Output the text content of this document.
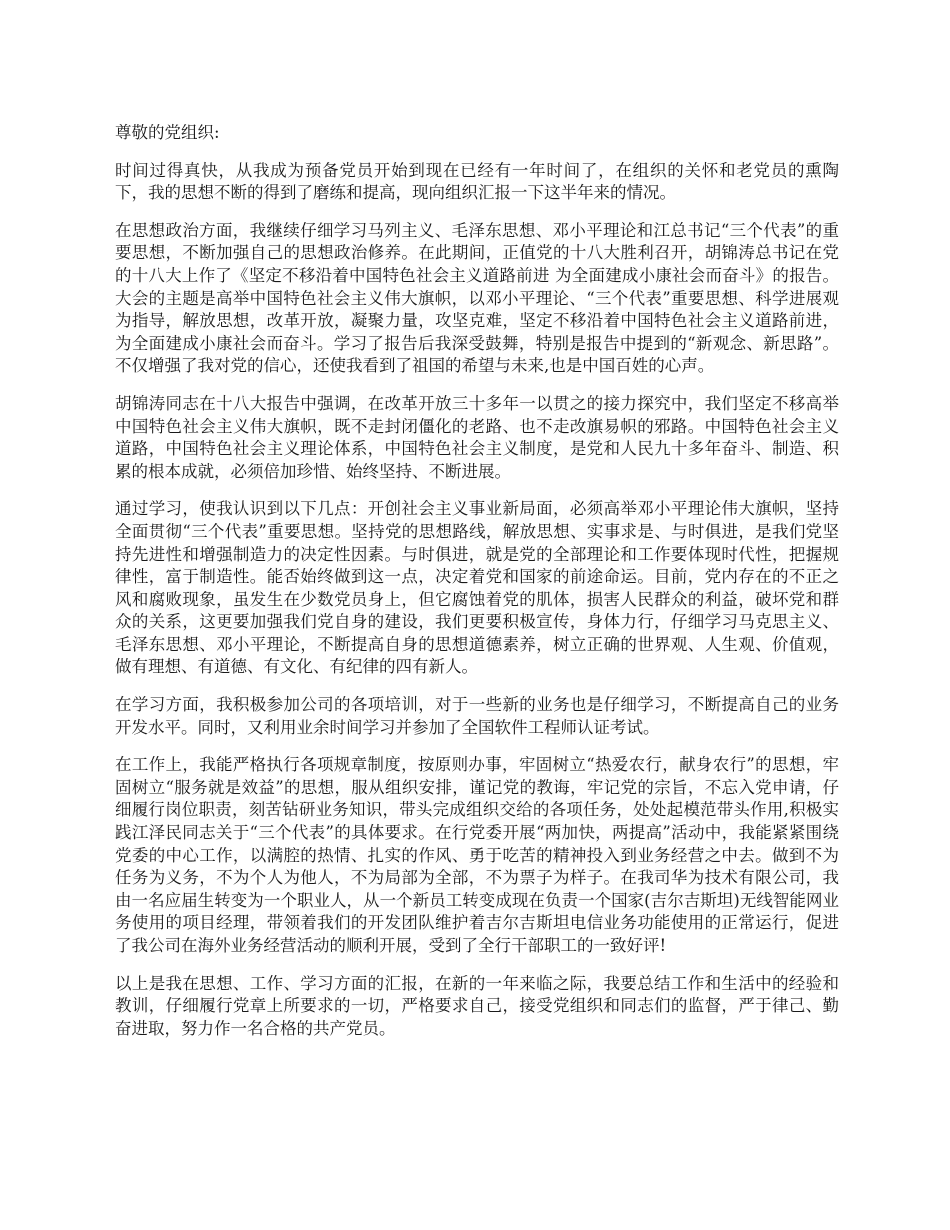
尊敬的党组织:

时间过得真快，从我成为预备党员开始到现在已经有一年时间了，在组织的关怀和老党员的熏陶下，我的思想不断的得到了磨练和提高，现向组织汇报一下这半年来的情况。

在思想政治方面，我继续仔细学习马列主义、毛泽东思想、邓小平理论和江总书记“三个代表”的重要思想，不断加强自己的思想政治修养。在此期间，正值党的十八大胜利召开，胡锦涛总书记在党的十八大上作了《坚定不移沿着中国特色社会主义道路前进 为全面建成小康社会而奋斗》的报告。大会的主题是高举中国特色社会主义伟大旗帜，以邓小平理论、“三个代表”重要思想、科学进展观为指导，解放思想，改革开放，凝聚力量，攻坚克难，坚定不移沿着中国特色社会主义道路前进，为全面建成小康社会而奋斗。学习了报告后我深受鼓舞，特别是报告中提到的“新观念、新思路”。不仅增强了我对党的信心，还使我看到了祖国的希望与未来,也是中国百姓的心声。

胡锦涛同志在十八大报告中强调，在改革开放三十多年一以贯之的接力探究中，我们坚定不移高举中国特色社会主义伟大旗帜，既不走封闭僵化的老路、也不走改旗易帜的邪路。中国特色社会主义道路，中国特色社会主义理论体系，中国特色社会主义制度，是党和人民九十多年奋斗、制造、积累的根本成就，必须倍加珍惜、始终坚持、不断进展。

通过学习，使我认识到以下几点：开创社会主义事业新局面，必须高举邓小平理论伟大旗帜，坚持全面贯彻“三个代表”重要思想。坚持党的思想路线，解放思想、实事求是、与时俱进，是我们党坚持先进性和增强制造力的决定性因素。与时俱进，就是党的全部理论和工作要体现时代性，把握规律性，富于制造性。能否始终做到这一点，决定着党和国家的前途命运。目前，党内存在的不正之风和腐败现象，虽发生在少数党员身上，但它腐蚀着党的肌体，损害人民群众的利益，破坏党和群众的关系，这更要加强我们党自身的建设，我们更要积极宣传，身体力行，仔细学习马克思主义、毛泽东思想、邓小平理论，不断提高自身的思想道德素养，树立正确的世界观、人生观、价值观，做有理想、有道德、有文化、有纪律的四有新人。

在学习方面，我积极参加公司的各项培训，对于一些新的业务也是仔细学习，不断提高自己的业务开发水平。同时，又利用业余时间学习并参加了全国软件工程师认证考试。

在工作上，我能严格执行各项规章制度，按原则办事，牢固树立“热爱农行，献身农行”的思想，牢固树立“服务就是效益”的思想，服从组织安排，谨记党的教诲，牢记党的宗旨，不忘入党申请，仔细履行岗位职责，刻苦钻研业务知识，带头完成组织交给的各项任务，处处起模范带头作用,积极实践江泽民同志关于“三个代表”的具体要求。在行党委开展“两加快，两提高”活动中，我能紧紧围绕党委的中心工作，以满腔的热情、扎实的作风、勇于吃苦的精神投入到业务经营之中去。做到不为任务为义务，不为个人为他人，不为局部为全部，不为票子为样子。在我司华为技术有限公司，我由一名应届生转变为一个职业人，从一个新员工转变成现在负责一个国家(吉尔吉斯坦)无线智能网业务使用的项目经理，带领着我们的开发团队维护着吉尔吉斯坦电信业务功能使用的正常运行，促进了我公司在海外业务经营活动的顺利开展，受到了全行干部职工的一致好评!

以上是我在思想、工作、学习方面的汇报，在新的一年来临之际，我要总结工作和生活中的经验和教训，仔细履行党章上所要求的一切，严格要求自己，接受党组织和同志们的监督，严于律己、勤奋进取，努力作一名合格的共产党员。
